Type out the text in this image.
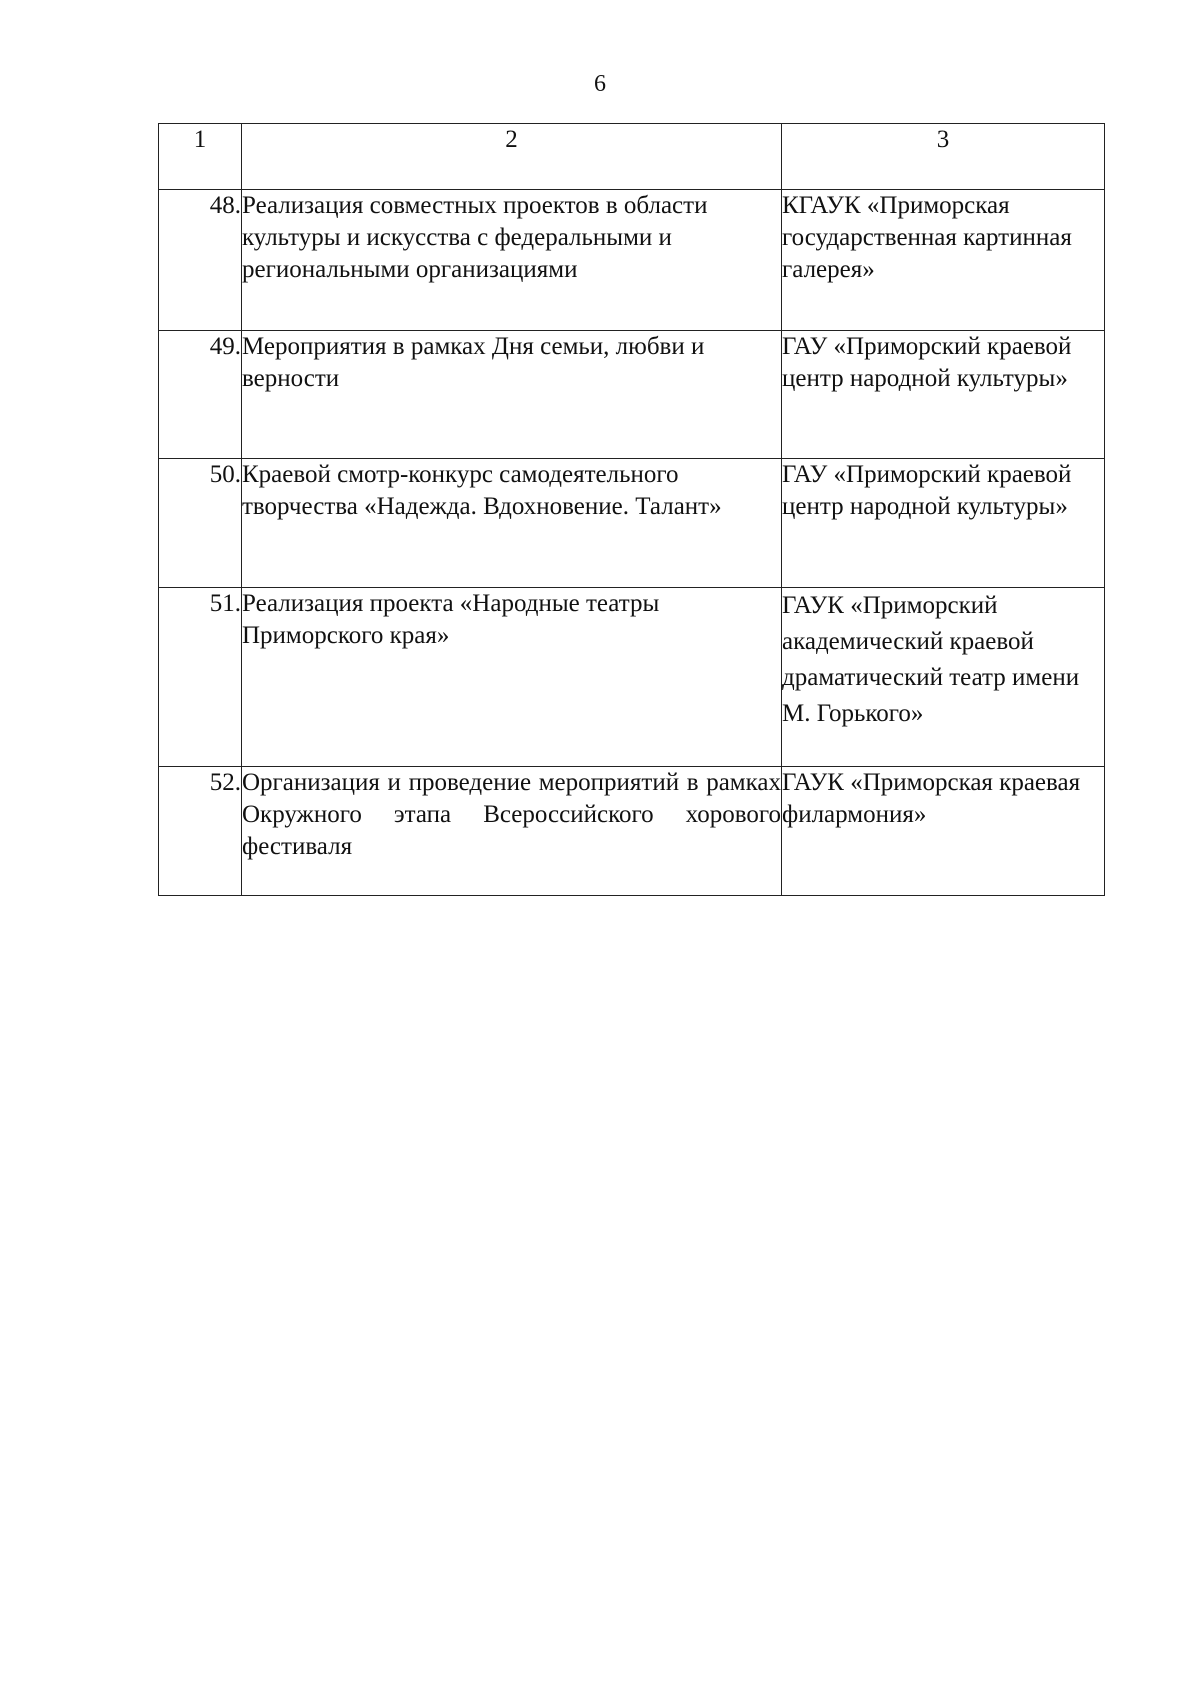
6
1	2	3
48.	Реализация совместных проектов в области культуры и искусства с федеральными и региональными организациями	КГАУК «Приморская государственная картинная галерея»
49.	Мероприятия в рамках Дня семьи, любви и верности	ГАУ «Приморский краевой центр народной культуры»
50.	Краевой смотр-конкурс самодеятельного творчества «Надежда. Вдохновение. Талант»	ГАУ «Приморский краевой центр народной культуры»
51.	Реализация проекта «Народные театры Приморского края»	ГАУК «Приморский академический краевой драматический театр имени М. Горького»
52.	Организация и проведение мероприятий в рамках Окружного этапа Всероссийского хорового фестиваля	ГАУК «Приморская краевая филармония»
